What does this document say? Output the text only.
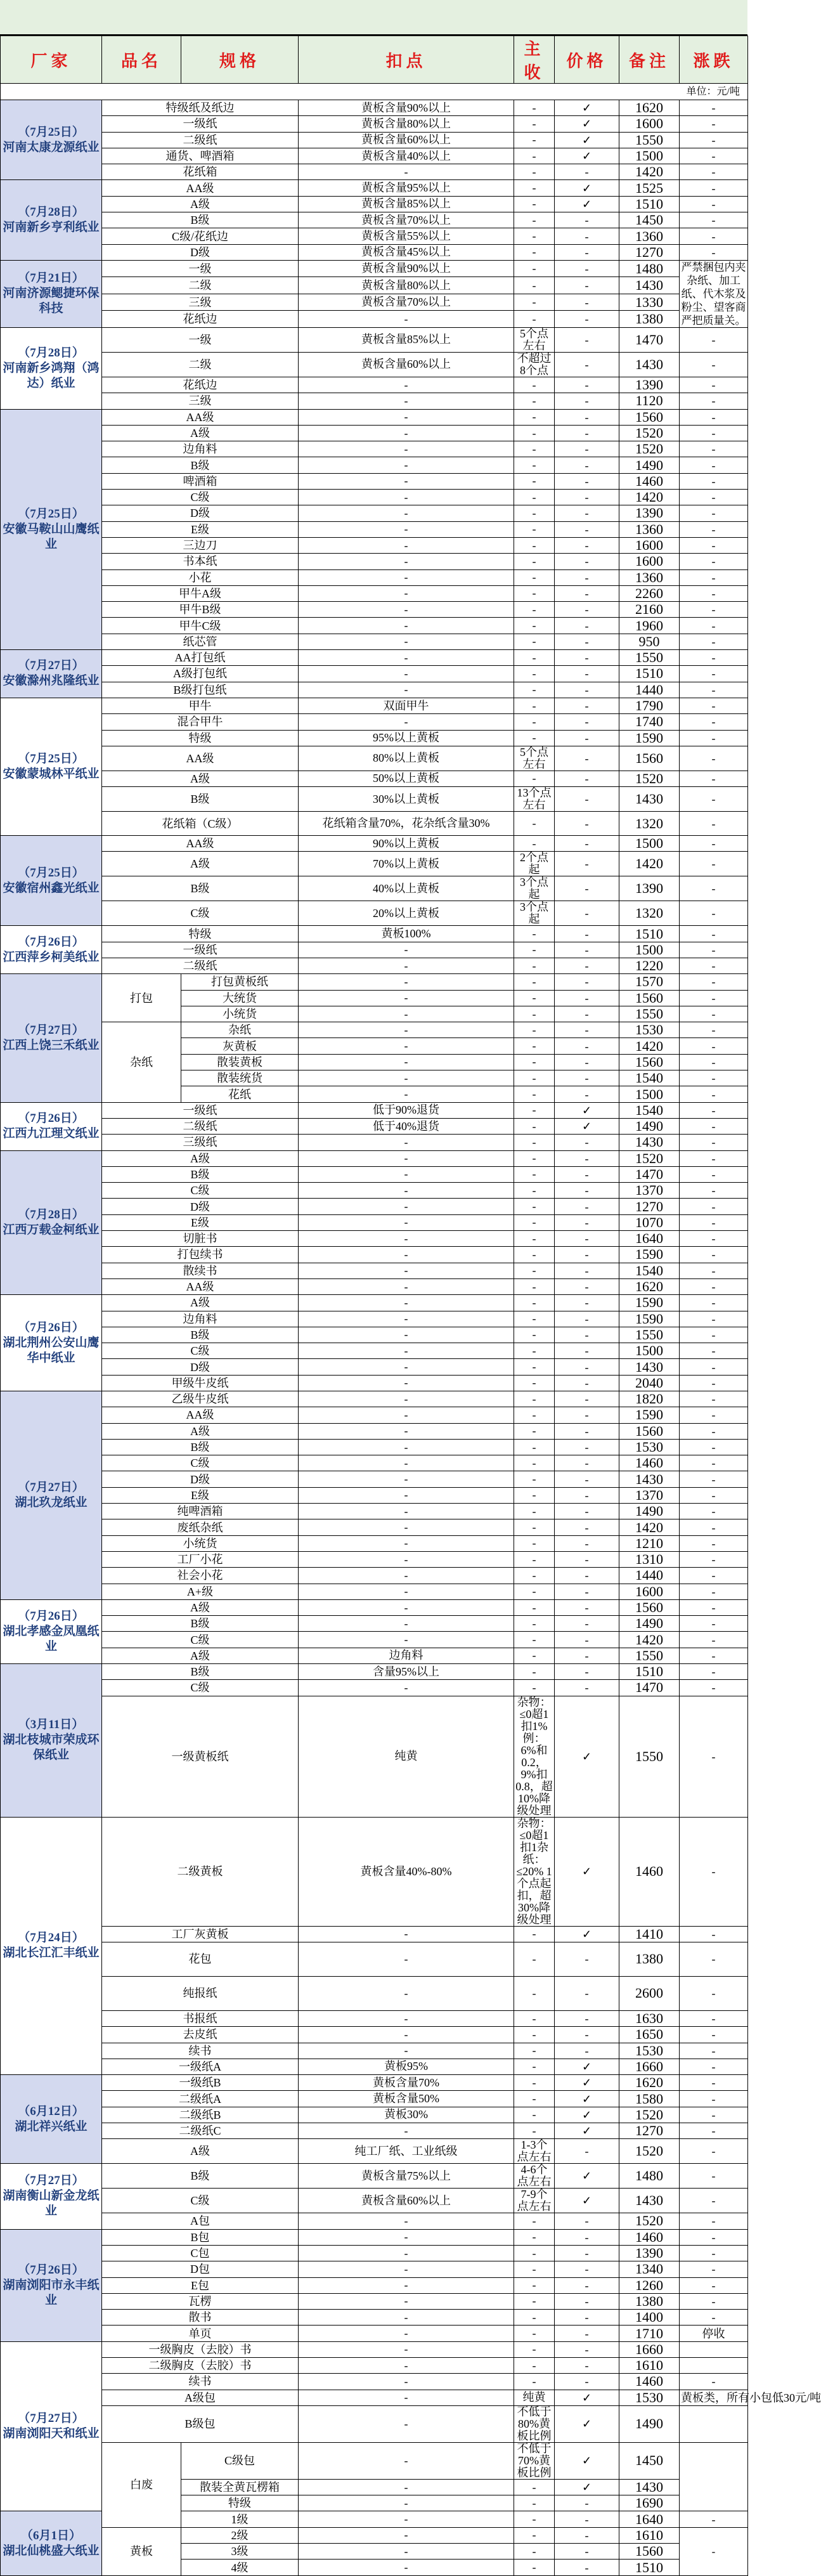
厂家	品名	规格	扣点	主收	价格	备注	涨跌	
单位：元/吨								

（7月25日）
河南太康龙源纸业	特级纸及纸边		黄板含量90%以上	-	✓	1620	-	
	一级纸		黄板含量80%以上	-	✓	1600	-	
	二级纸		黄板含量60%以上	-	✓	1550	-	
	通货、啤酒箱		黄板含量40%以上	-	✓	1500	-	
	花纸箱		-	-	-	1420	-	

（7月28日）
河南新乡亨利纸业	AA级		黄板含量95%以上	-	✓	1525	-	
	A级		黄板含量85%以上	-	✓	1510	-	
	B级		黄板含量70%以上	-	-	1450	-	
	C级/花纸边		黄板含量55%以上	-	-	1360	-	
	D级		黄板含量45%以上	-	-	1270	-	

（7月21日）
河南济源鳃捷环保科技	一级		黄板含量90%以上	-	-	1480	严禁捆包内夹杂纸、加工纸、代木浆及粉尘、望客商严把质量关。	
	二级		黄板含量80%以上	-	-	1430	
	三级		黄板含量70%以上	-	-	1330	
	花纸边		-	-	-	1380	

（7月28日）
河南新乡鸿翔（鸿达）纸业	一级		黄板含量85%以上	5个点左右	-	1470	-	
	二级		黄板含量60%以上	不超过8个点	-	1430	-	
	花纸边		-	-	-	1390	-	
	三级		-	-	-	1120	-	

（7月25日）
安徽马鞍山山鹰纸业	AA级		-	-	-	1560	-	
	A级		-	-	-	1520	-	
	边角料		-	-	-	1520	-	
	B级		-	-	-	1490	-	
	啤酒箱		-	-	-	1460	-	
	C级		-	-	-	1420	-	
	D级		-	-	-	1390	-	
	E级		-	-	-	1360	-	
	三边刀		-	-	-	1600	-	
	书本纸		-	-	-	1600	-	
	小花		-	-	-	1360	-	
	甲牛A级		-	-	-	2260	-	
	甲牛B级		-	-	-	2160	-	
	甲牛C级		-	-	-	1960	-	
	纸芯管		-	-	-	950	-	

（7月27日）
安徽滁州兆隆纸业	AA打包纸		-	-	-	1550	-	
	A级打包纸		-	-	-	1510	-	
	B级打包纸		-	-	-	1440	-	

（7月25日）
安徽蒙城林平纸业	甲牛		双面甲牛	-	-	1790	-	
	混合甲牛		-	-	-	1740	-	
	特级		95%以上黄板	-	-	1590	-	
	AA级		80%以上黄板	5个点左右	-	1560	-	
	A级		50%以上黄板	-	-	1520	-	
	B级		30%以上黄板	13个点左右	-	1430	-	
	花纸箱（C级）		花纸箱含量70%，花杂纸含量30%	-	-	1320	-	

（7月25日）
安徽宿州鑫光纸业	AA级		90%以上黄板	-	-	1500	-	
	A级		70%以上黄板	2个点起	-	1420	-	
	B级		40%以上黄板	3个点起	-	1390	-	
	C级		20%以上黄板	3个点起	-	1320	-	

（7月26日）
江西萍乡柯美纸业	特级		黄板100%	-	-	1510	-	
	一级纸		-	-	-	1500	-	
	二级纸		-	-	-	1220	-	

（7月27日）
江西上饶三禾纸业	打包	打包黄板纸	-	-	-	1570	-	
		大统货	-	-	-	1560	-	
		小统货	-	-	-	1550	-	
	杂纸	杂纸	-	-	-	1530	-	
		灰黄板	-	-	-	1420	-	
		散装黄板	-	-	-	1560	-	
		散装统货	-	-	-	1540	-	
		花纸	-	-	-	1500	-	

（7月26日）
江西九江理文纸业	一级纸		低于90%退货	-	✓	1540	-	
	二级纸		低于40%退货	-	✓	1490	-	
	三级纸		-	-	-	1430	-	

（7月28日）
江西万载金柯纸业	A级		-	-	-	1520	-	
	B级		-	-	-	1470	-	
	C级		-	-	-	1370	-	
	D级		-	-	-	1270	-	
	E级		-	-	-	1070	-	
	切脏书		-	-	-	1640	-	
	打包续书		-	-	-	1590	-	
	散续书		-	-	-	1540	-	
	AA级		-	-	-	1620	-	

（7月26日）
湖北荆州公安山鹰华中纸业	A级		-	-	-	1590	-	
	边角料		-	-	-	1590	-	
	B级		-	-	-	1550	-	
	C级		-	-	-	1500	-	
	D级		-	-	-	1430	-	
	甲级牛皮纸		-	-	-	2040	-	

（7月27日）
湖北玖龙纸业	乙级牛皮纸		-	-	-	1820	-	
	AA级		-	-	-	1590	-	
	A级		-	-	-	1560	-	
	B级		-	-	-	1530	-	
	C级		-	-	-	1460	-	
	D级		-	-	-	1430	-	
	E级		-	-	-	1370	-	
	纯啤酒箱		-	-	-	1490	-	
	废纸杂纸		-	-	-	1420	-	
	小统货		-	-	-	1210	-	
	工厂小花		-	-	-	1310	-	
	社会小花		-	-	-	1440	-	
	A+级		-	-	-	1600	-	

（7月26日）
湖北孝感金凤凰纸业	A级		-	-	-	1560	-	
	B级		-	-	-	1490	-	
	C级		-	-	-	1420	-	
	A级		边角料	-	-	1550	-	

（3月11日）
湖北枝城市荣成环保纸业	B级		含量95%以上	-	-	1510	-	
	C级		-	-	-	1470	-	
	一级黄板纸		纯黄	杂物：≤0超1扣1%例：6%和0.2，9%扣0.8，超10%降级处理	✓	1550	-	

（7月24日）
湖北长江汇丰纸业	二级黄板		黄板含量40%-80%	杂物：≤0超1扣1杂纸：≤20% 1个点起扣，超30%降级处理	✓	1460	-	
	工厂灰黄板		-	-	✓	1410	-	
	花包		-	-	-	1380	-	
	纯报纸		-	-	-	2600	-	
	书报纸		-	-	-	1630	-	
	去皮纸		-	-	-	1650	-	
	续书		-	-	-	1530	-	
	一级纸A		黄板95%	-	✓	1660	-	

（6月12日）
湖北祥兴纸业	一级纸B		黄板含量70%	-	✓	1620	-	
	二级纸A		黄板含量50%	-	✓	1580	-	
	二级纸B		黄板30%	-	✓	1520	-	
	二级纸C		-	-	✓	1270	-	
	A级		纯工厂纸、工业纸级	1-3个点左右	-	1520	-	

（7月27日）
湖南衡山新金龙纸业	B级		黄板含量75%以上	4-6个点左右	✓	1480	-	
	C级		黄板含量60%以上	7-9个点左右	✓	1430	-	
	A包		-	-	-	1520	-	

（7月26日）
湖南浏阳市永丰纸业	B包		-	-	-	1460	-	
	C包		-	-	-	1390	-	
	D包		-	-	-	1340	-	
	E包		-	-	-	1260	-	
	瓦楞		-	-	-	1380	-	
	散书		-	-	-	1400	-	
	单页		-	-	-	1710	停收	

（7月27日）
湖南浏阳天和纸业	一级胸皮（去胶）书		-	-	-	1660		
	二级胸皮（去胶）书		-	-	-	1610		
	续书		-	-	-	1460	-	
	A级包		-	纯黄	✓	1530	黄板类，所有小包低30元/吨	
	B级包		-	不低于80%黄板比例	✓	1490		
	白废	C级包	-	不低于70%黄板比例	✓	1450		
		散装全黄瓦楞箱	-	-	✓	1430	
		特级	-	-	-	1690	

（6月1日）
湖北仙桃盛大纸业		1级	-	-	-	1640	-	
	黄板	2级	-	-	-	1610	-	
		3级	-	-	-	1560	
		4级	-	-	-	1510	
